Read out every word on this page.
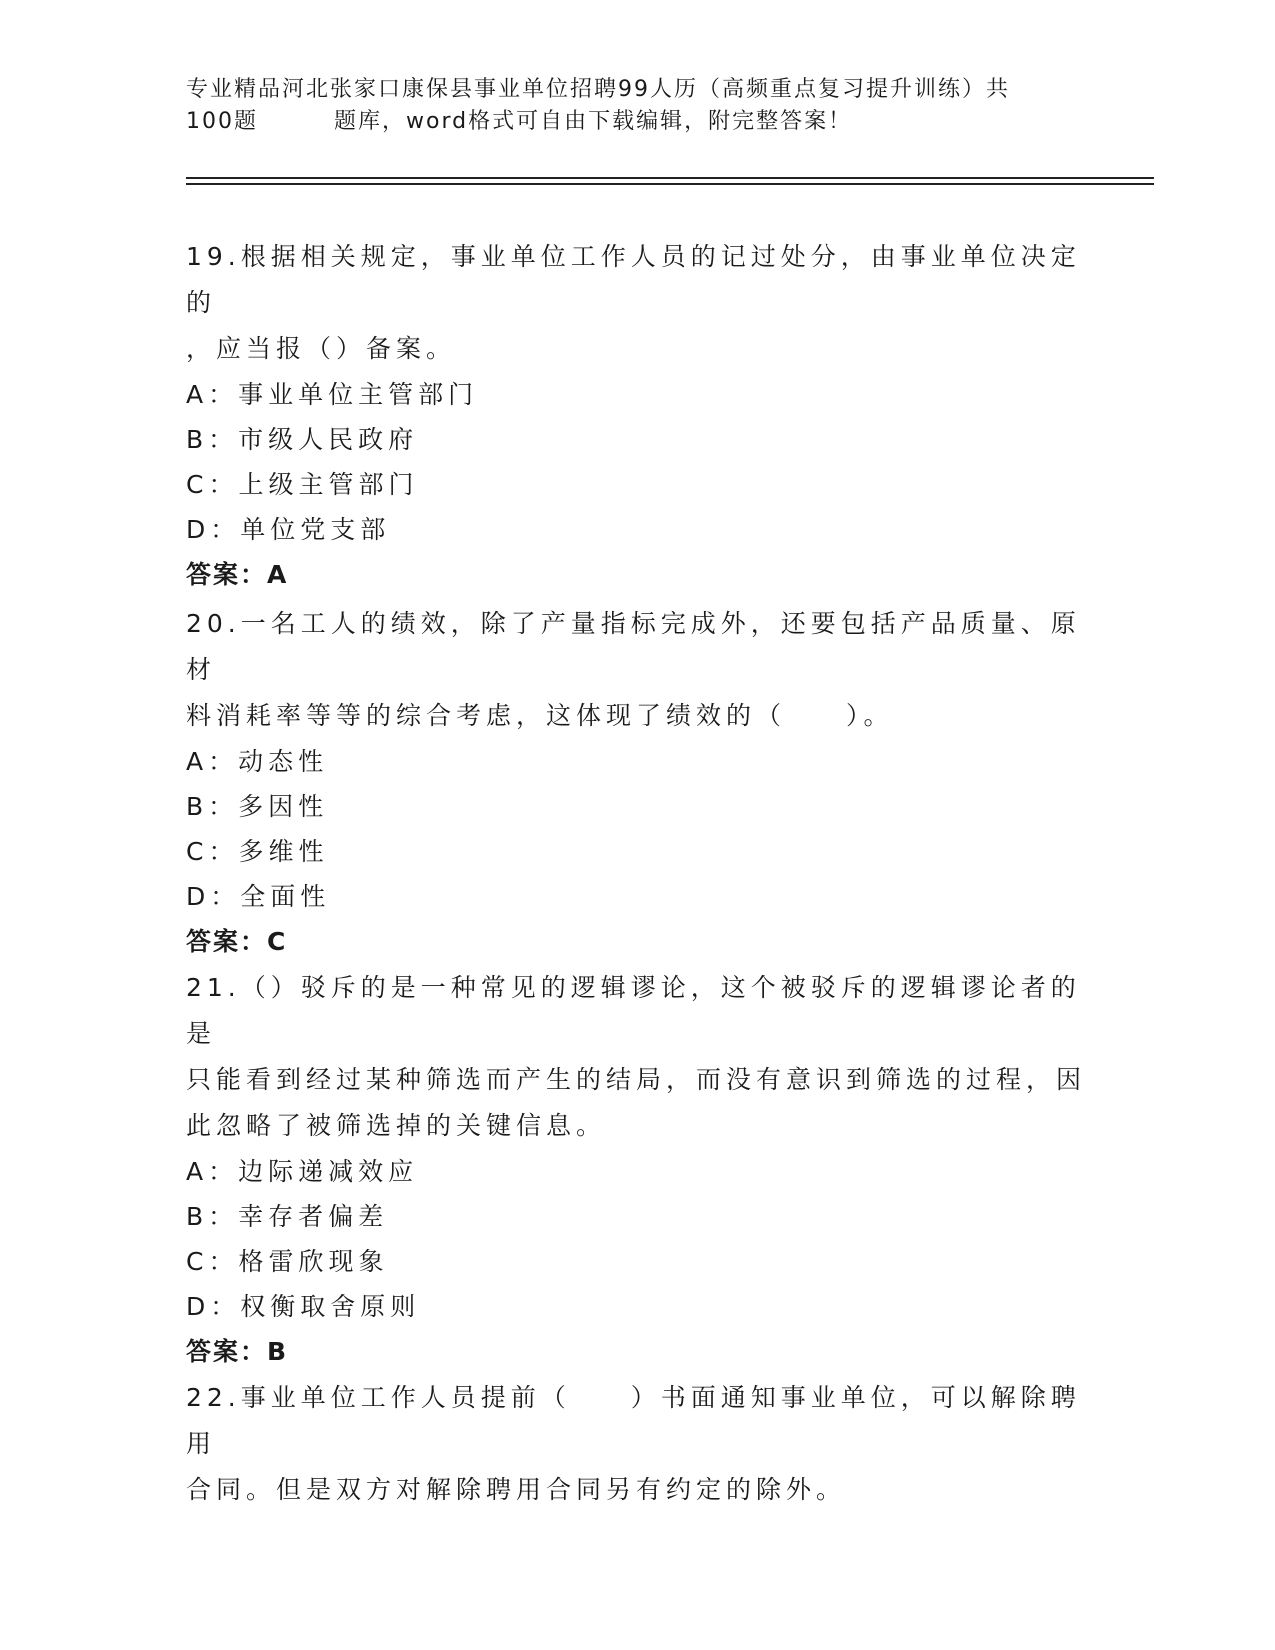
专业精品河北张家口康保县事业单位招聘99人历（高频重点复习提升训练）共
100题	题库，word格式可自由下载编辑，附完整答案！

19.根据相关规定，事业单位工作人员的记过处分，由事业单位决定的

，应当报（）备案。

A：事业单位主管部门

B：市级人民政府

C：上级主管部门

D：单位党支部

答案：A

20.一名工人的绩效，除了产量指标完成外，还要包括产品质量、原材

料消耗率等等的综合考虑，这体现了绩效的（　　）。

A：动态性

B：多因性

C：多维性

D：全面性

答案：C

21.（）驳斥的是一种常见的逻辑谬论，这个被驳斥的逻辑谬论者的是

只能看到经过某种筛选而产生的结局，而没有意识到筛选的过程，因

此忽略了被筛选掉的关键信息。

A：边际递减效应

B：幸存者偏差

C：格雷欣现象

D：权衡取舍原则

答案：B

22.事业单位工作人员提前（　　）书面通知事业单位，可以解除聘用

合同。但是双方对解除聘用合同另有约定的除外。
